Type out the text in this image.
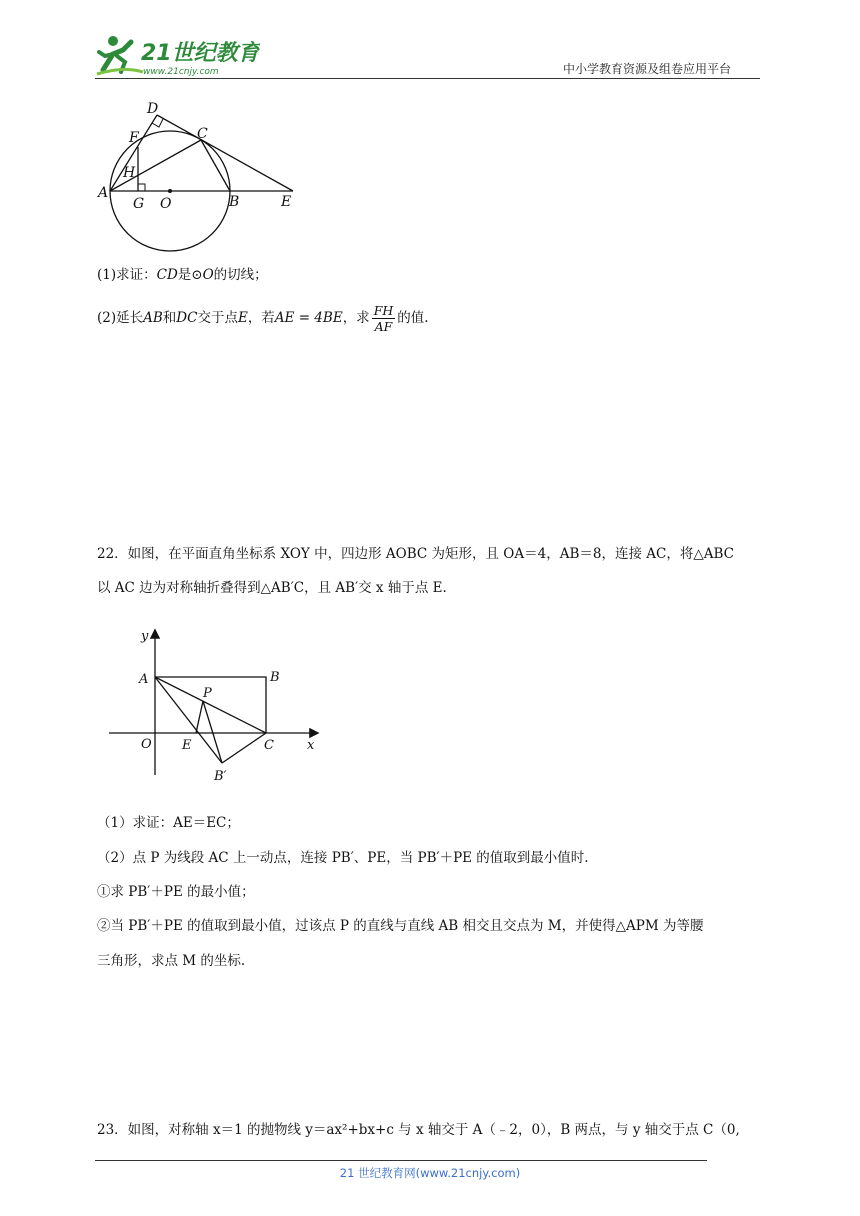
21世纪教育
www.21cnjy.com	中小学教育资源及组卷应用平台
D
F	C
H
A
G O	B	E
(1)求证：CD是⊙O的切线；
(2)延长AB和DC交于点E，若AE = 4BE，求 $\frac{FH}{AF}$ 的值.
22．如图，在平面直角坐标系 XOY 中，四边形 AOBC 为矩形，且 OA＝4，AB＝8，连接 AC，将△ABC
以 AC 边为对称轴折叠得到△AB′C，且 AB′交 x 轴于点 E.
y
A	B
P
O E	C	x
B′
（1）求证：AE＝EC；
（2）点 P 为线段 AC 上一动点，连接 PB′、PE，当 PB′＋PE 的值取到最小值时.
①求 PB′＋PE 的最小值；
②当 PB′＋PE 的值取到最小值，过该点 P 的直线与直线 AB 相交且交点为 M，并使得△APM 为等腰
三角形，求点 M 的坐标.
23．如图，对称轴 x＝1 的抛物线 y＝ax²+bx+c 与 x 轴交于 A（﹣2，0），B 两点，与 y 轴交于点 C（0,
21 世纪教育网(www.21cnjy.com)
